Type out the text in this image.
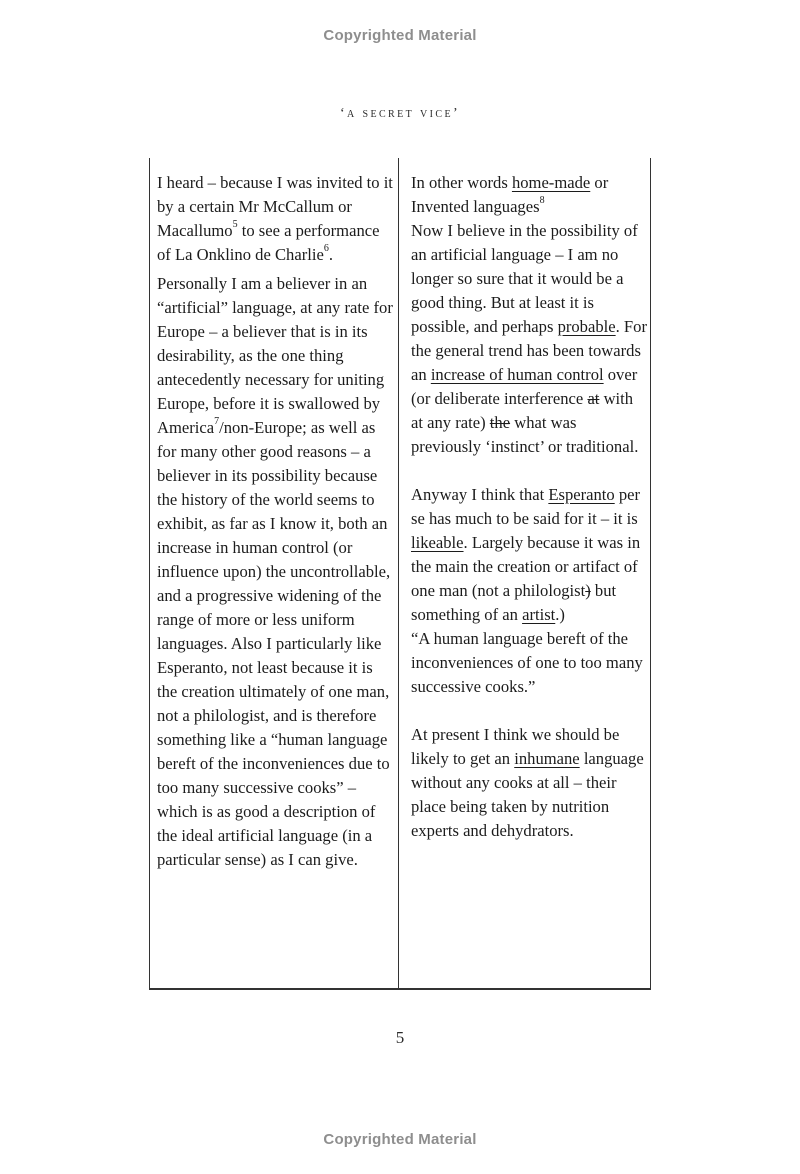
Copyrighted Material
‘a secret vice’

I heard – because I was invited to it by a certain Mr McCallum or Macallumo$^5$ to see a performance of La Onklino de Charlie$^6$.

Personally I am a believer in an “artificial” language, at any rate for Europe – a believer that is in its desirability, as the one thing antecedently necessary for uniting Europe, before it is swallowed by America$^7$/non-Europe; as well as for many other good reasons – a believer in its possibility because the history of the world seems to exhibit, as far as I know it, both an increase in human control (or influence upon) the uncontrollable, and a progressive widening of the range of more or less uniform languages. Also I particularly like Esperanto, not least because it is the creation ultimately of one man, not a philologist, and is therefore something like a “human language bereft of the inconveniences due to too many successive cooks” – which is as good a description of the ideal artificial language (in a particular sense) as I can give.

In other words home-made or Invented languages$^8$

Now I believe in the possibility of an artificial language – I am no longer so sure that it would be a good thing. But at least it is possible, and perhaps probable. For the general trend has been towards an increase of human control over (or deliberate interference at with at any rate) the what was previously ‘instinct’ or traditional.

Anyway I think that Esperanto per se has much to be said for it – it is likeable. Largely because it was in the main the creation or artifact of one man (not a philologist) but something of an artist.)

“A human language bereft of the inconveniences of one to too many successive cooks.”

At present I think we should be likely to get an inhumane language without any cooks at all – their place being taken by nutrition experts and dehydrators.

5
Copyrighted Material
